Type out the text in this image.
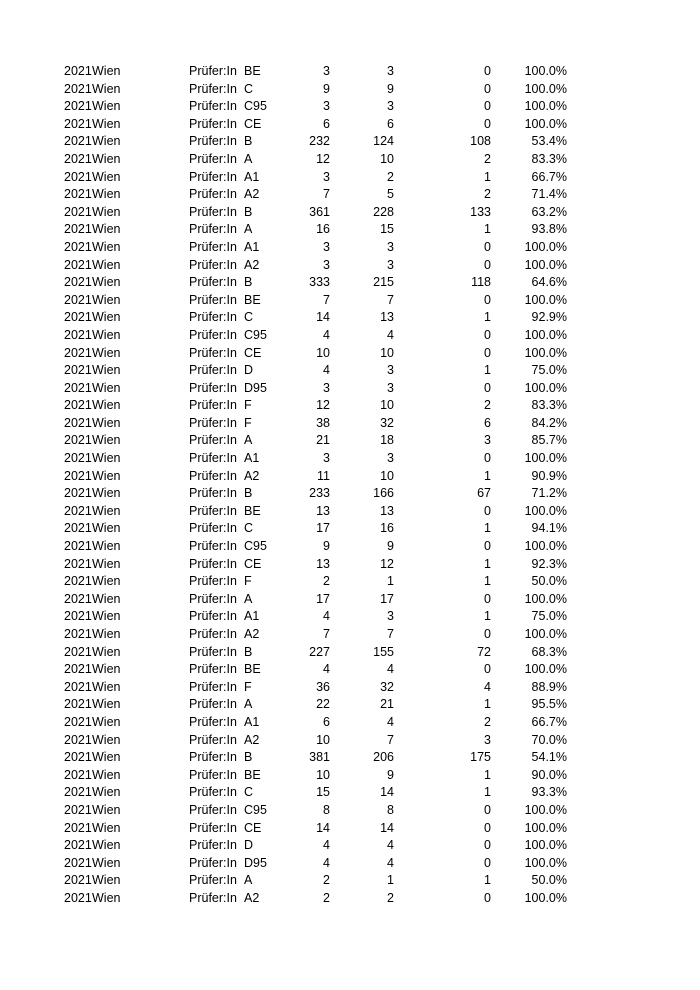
2021 Wien	Prüfer:In BE	3	3	0	100.0%
2021 Wien	Prüfer:In C	9	9	0	100.0%
2021 Wien	Prüfer:In C95	3	3	0	100.0%
2021 Wien	Prüfer:In CE	6	6	0	100.0%
2021 Wien	Prüfer:In B	232	124	108	53.4%
2021 Wien	Prüfer:In A	12	10	2	83.3%
2021 Wien	Prüfer:In A1	3	2	1	66.7%
2021 Wien	Prüfer:In A2	7	5	2	71.4%
2021 Wien	Prüfer:In B	361	228	133	63.2%
2021 Wien	Prüfer:In A	16	15	1	93.8%
2021 Wien	Prüfer:In A1	3	3	0	100.0%
2021 Wien	Prüfer:In A2	3	3	0	100.0%
2021 Wien	Prüfer:In B	333	215	118	64.6%
2021 Wien	Prüfer:In BE	7	7	0	100.0%
2021 Wien	Prüfer:In C	14	13	1	92.9%
2021 Wien	Prüfer:In C95	4	4	0	100.0%
2021 Wien	Prüfer:In CE	10	10	0	100.0%
2021 Wien	Prüfer:In D	4	3	1	75.0%
2021 Wien	Prüfer:In D95	3	3	0	100.0%
2021 Wien	Prüfer:In F	12	10	2	83.3%
2021 Wien	Prüfer:In F	38	32	6	84.2%
2021 Wien	Prüfer:In A	21	18	3	85.7%
2021 Wien	Prüfer:In A1	3	3	0	100.0%
2021 Wien	Prüfer:In A2	11	10	1	90.9%
2021 Wien	Prüfer:In B	233	166	67	71.2%
2021 Wien	Prüfer:In BE	13	13	0	100.0%
2021 Wien	Prüfer:In C	17	16	1	94.1%
2021 Wien	Prüfer:In C95	9	9	0	100.0%
2021 Wien	Prüfer:In CE	13	12	1	92.3%
2021 Wien	Prüfer:In F	2	1	1	50.0%
2021 Wien	Prüfer:In A	17	17	0	100.0%
2021 Wien	Prüfer:In A1	4	3	1	75.0%
2021 Wien	Prüfer:In A2	7	7	0	100.0%
2021 Wien	Prüfer:In B	227	155	72	68.3%
2021 Wien	Prüfer:In BE	4	4	0	100.0%
2021 Wien	Prüfer:In F	36	32	4	88.9%
2021 Wien	Prüfer:In A	22	21	1	95.5%
2021 Wien	Prüfer:In A1	6	4	2	66.7%
2021 Wien	Prüfer:In A2	10	7	3	70.0%
2021 Wien	Prüfer:In B	381	206	175	54.1%
2021 Wien	Prüfer:In BE	10	9	1	90.0%
2021 Wien	Prüfer:In C	15	14	1	93.3%
2021 Wien	Prüfer:In C95	8	8	0	100.0%
2021 Wien	Prüfer:In CE	14	14	0	100.0%
2021 Wien	Prüfer:In D	4	4	0	100.0%
2021 Wien	Prüfer:In D95	4	4	0	100.0%
2021 Wien	Prüfer:In A	2	1	1	50.0%
2021 Wien	Prüfer:In A2	2	2	0	100.0%
